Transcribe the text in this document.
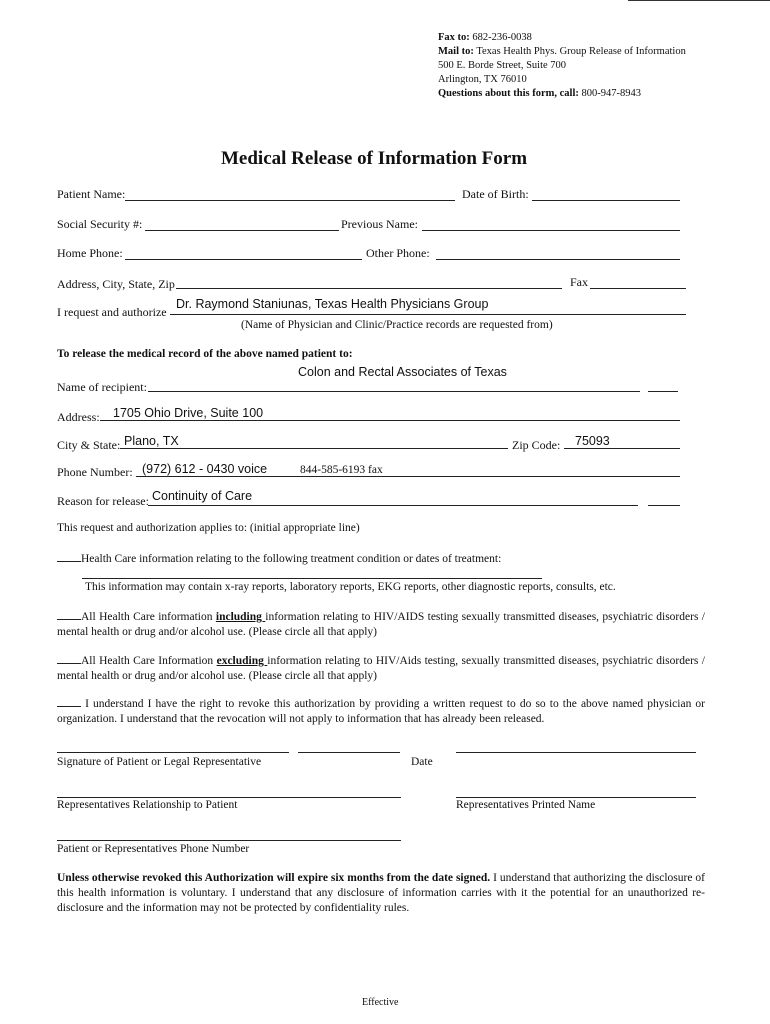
Fax to: 682-236-0038
Mail to: Texas Health Phys. Group Release of Information
500 E. Borde Street, Suite 700
Arlington, TX 76010
Questions about this form, call: 800-947-8943
Medical Release of Information Form
Patient Name:	Date of Birth:
Social Security #:	Previous Name:
Home Phone:	Other Phone:
Address, City, State, Zip	Fax
I request and authorize
Dr. Raymond Staniunas, Texas Health Physicians Group
(Name of Physician and Clinic/Practice records are requested from)
To release the medical record of the above named patient to:
Colon and Rectal Associates of Texas
Name of recipient:
Address: 1705 Ohio Drive, Suite 100
City & State: Plano, TX	Zip Code: 75093
Phone Number: (972) 612 - 0430 voice	844-585-6193 fax
Reason for release: Continuity of Care
This request and authorization applies to: (initial appropriate line)
Health Care information relating to the following treatment condition or dates of treatment:
This information may contain x-ray reports, laboratory reports, EKG reports, other diagnostic reports, consults, etc.
All Health Care information including information relating to HIV/AIDS testing sexually transmitted diseases, psychiatric disorders / mental health or drug and/or alcohol use. (Please circle all that apply)
All Health Care Information excluding information relating to HIV/Aids testing, sexually transmitted diseases, psychiatric disorders / mental health or drug and/or alcohol use. (Please circle all that apply)
I understand I have the right to revoke this authorization by providing a written request to do so to the above named physician or organization. I understand that the revocation will not apply to information that has already been released.
Signature of Patient or Legal Representative	Date
Representatives Relationship to Patient	Representatives Printed Name
Patient or Representatives Phone Number
Unless otherwise revoked this Authorization will expire six months from the date signed. I understand that authorizing the disclosure of this health information is voluntary. I understand that any disclosure of information carries with it the potential for an unauthorized re-disclosure and the information may not be protected by confidentiality rules.
Effective
